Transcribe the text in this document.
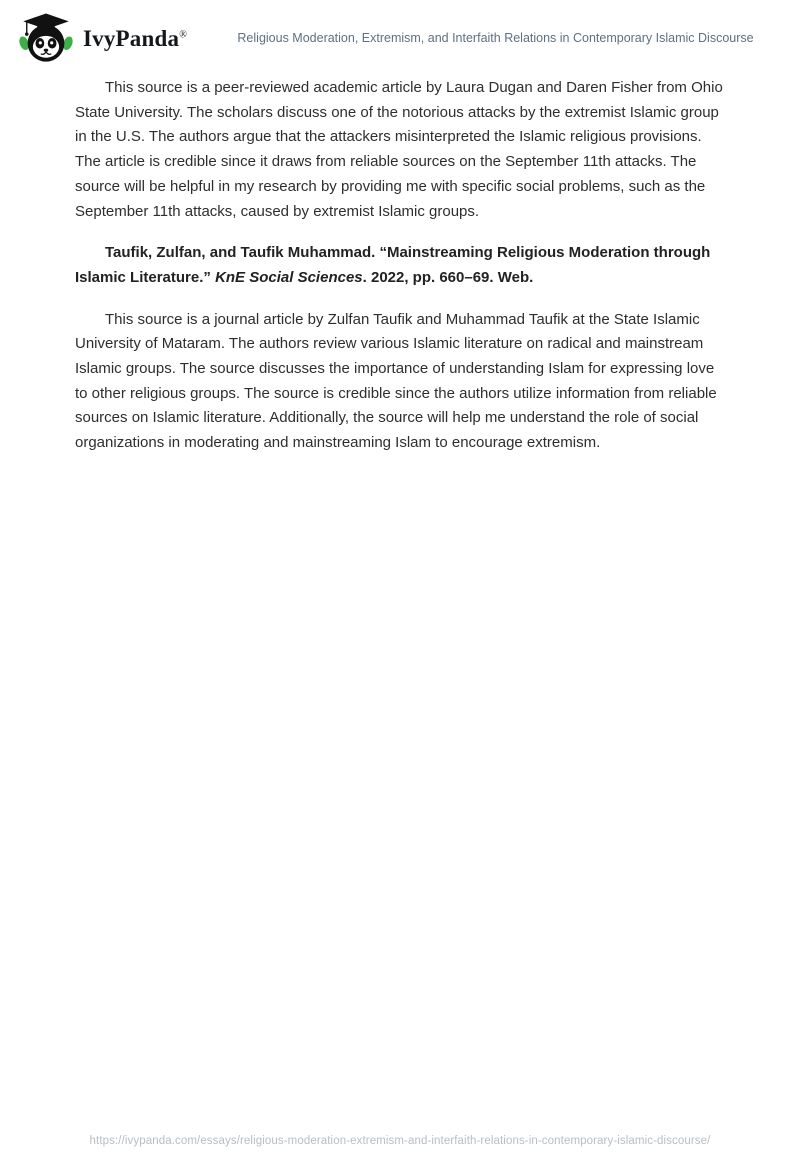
IvyPanda®	Religious Moderation, Extremism, and Interfaith Relations in Contemporary Islamic Discourse

This source is a peer-reviewed academic article by Laura Dugan and Daren Fisher from Ohio State University. The scholars discuss one of the notorious attacks by the extremist Islamic group in the U.S. The authors argue that the attackers misinterpreted the Islamic religious provisions. The article is credible since it draws from reliable sources on the September 11th attacks. The source will be helpful in my research by providing me with specific social problems, such as the September 11th attacks, caused by extremist Islamic groups.

Taufik, Zulfan, and Taufik Muhammad. “Mainstreaming Religious Moderation through Islamic Literature.” KnE Social Sciences. 2022, pp. 660–69. Web.

This source is a journal article by Zulfan Taufik and Muhammad Taufik at the State Islamic University of Mataram. The authors review various Islamic literature on radical and mainstream Islamic groups. The source discusses the importance of understanding Islam for expressing love to other religious groups. The source is credible since the authors utilize information from reliable sources on Islamic literature. Additionally, the source will help me understand the role of social organizations in moderating and mainstreaming Islam to encourage extremism.

https://ivypanda.com/essays/religious-moderation-extremism-and-interfaith-relations-in-contemporary-islamic-discourse/
